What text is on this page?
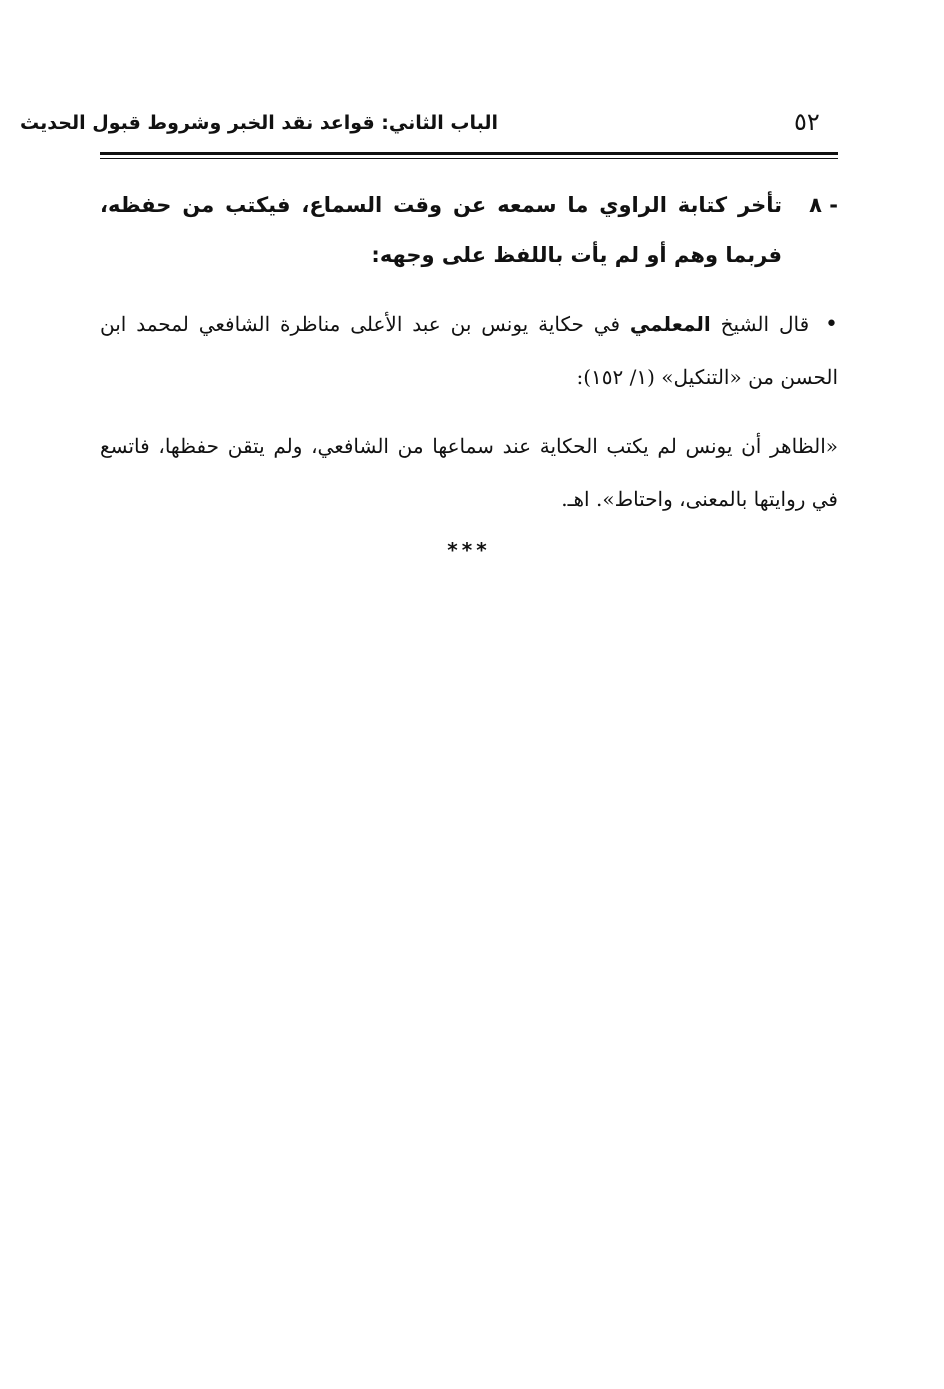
الباب الثاني: قواعد نقد الخبر وشروط قبول الحديث	٥٢
٨ -
تأخر كتابة الراوي ما سمعه عن وقت السماع، فيكتب من حفظه، فربما وهم أو لم يأت باللفظ على وجهه:

• قال الشيخ المعلمي في حكاية يونس بن عبد الأعلى مناظرة الشافعي لمحمد ابن الحسن من «التنكيل» (١/ ١٥٢):

«الظاهر أن يونس لم يكتب الحكاية عند سماعها من الشافعي، ولم يتقن حفظها، فاتسع في روايتها بالمعنى، واحتاط». اهـ.

***
